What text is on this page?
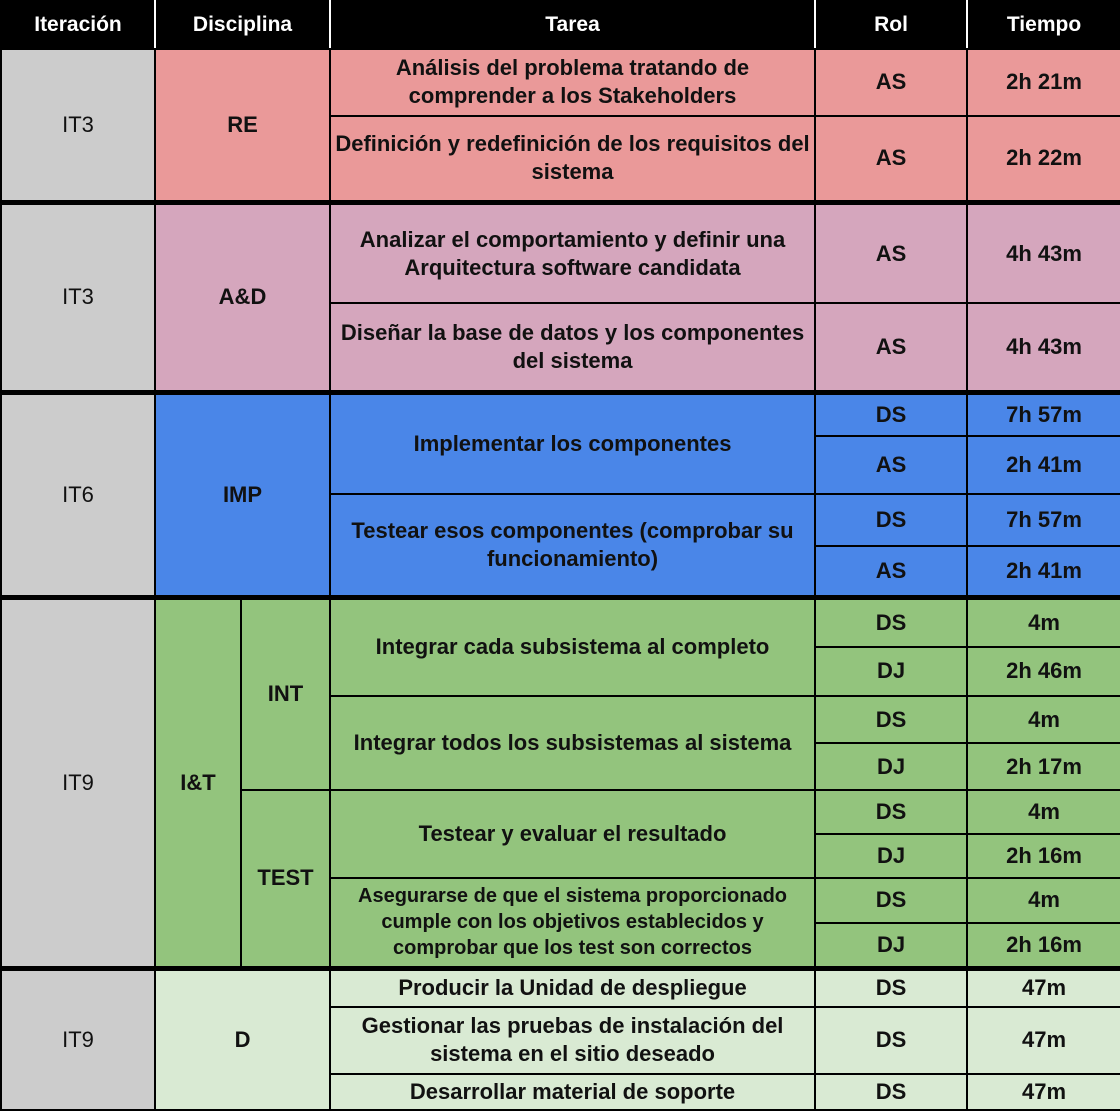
Iteración	Disciplina		Tarea	Rol	Tiempo
IT3	RE		Análisis del problema tratando de comprender a los Stakeholders	AS	2h 21m
			Definición y redefinición de los requisitos del sistema	AS	2h 22m
IT3	A&D		Analizar el comportamiento y definir una Arquitectura software candidata	AS	4h 43m
			Diseñar la base de datos y los componentes del sistema	AS	4h 43m
IT6	IMP		Implementar los componentes	DS	7h 57m
				AS	2h 41m
			Testear esos componentes (comprobar su funcionamiento)	DS	7h 57m
				AS	2h 41m
IT9	I&T	INT	Integrar cada subsistema al completo	DS	4m
				DJ	2h 46m
			Integrar todos los subsistemas al sistema	DS	4m
				DJ	2h 17m
		TEST	Testear y evaluar el resultado	DS	4m
				DJ	2h 16m
			Asegurarse de que el sistema proporcionado cumple con los objetivos establecidos y comprobar que los test son correctos	DS	4m
				DJ	2h 16m
IT9	D		Producir la Unidad de despliegue	DS	47m
			Gestionar las pruebas de instalación del sistema en el sitio deseado	DS	47m
			Desarrollar material de soporte	DS	47m
